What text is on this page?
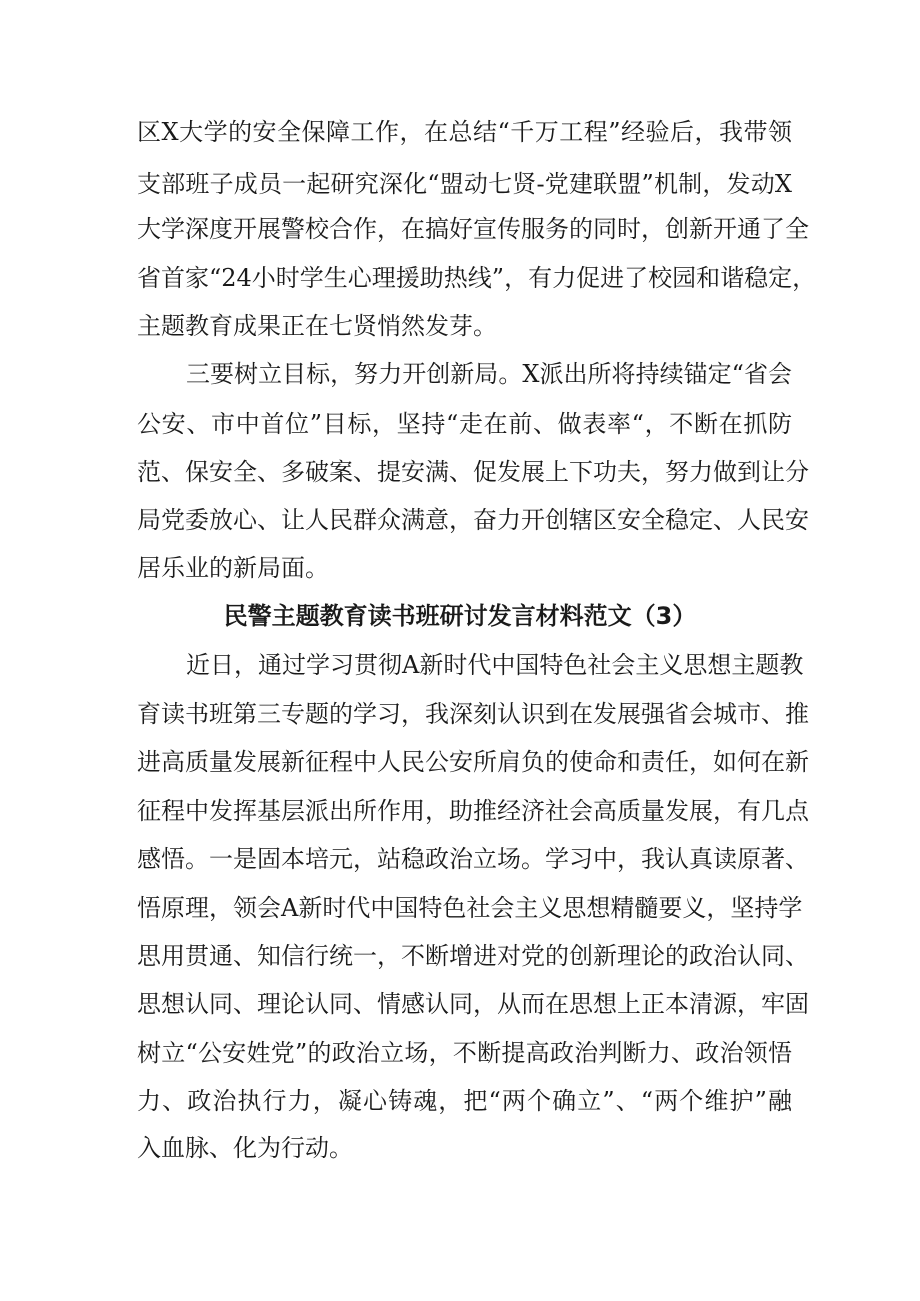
区X大学的安全保障工作，在总结“千万工程”经验后，我带领
支部班子成员一起研究深化“盟动七贤-党建联盟”机制，发动X
大学深度开展警校合作，在搞好宣传服务的同时，创新开通了全
省首家“24小时学生心理援助热线”，有力促进了校园和谐稳定，
主题教育成果正在七贤悄然发芽。
三要树立目标，努力开创新局。X派出所将持续锚定“省会
公安、市中首位”目标，坚持“走在前、做表率“，不断在抓防
范、保安全、多破案、提安满、促发展上下功夫，努力做到让分
局党委放心、让人民群众满意，奋力开创辖区安全稳定、人民安
居乐业的新局面。
民警主题教育读书班研讨发言材料范文（3）
近日，通过学习贯彻A新时代中国特色社会主义思想主题教
育读书班第三专题的学习，我深刻认识到在发展强省会城市、推
进高质量发展新征程中人民公安所肩负的使命和责任，如何在新
征程中发挥基层派出所作用，助推经济社会高质量发展，有几点
感悟。一是固本培元，站稳政治立场。学习中，我认真读原著、
悟原理，领会A新时代中国特色社会主义思想精髓要义，坚持学
思用贯通、知信行统一，不断增进对党的创新理论的政治认同、
思想认同、理论认同、情感认同，从而在思想上正本清源，牢固
树立“公安姓党”的政治立场，不断提高政治判断力、政治领悟
力、政治执行力，凝心铸魂，把“两个确立”、“两个维护”融
入血脉、化为行动。
